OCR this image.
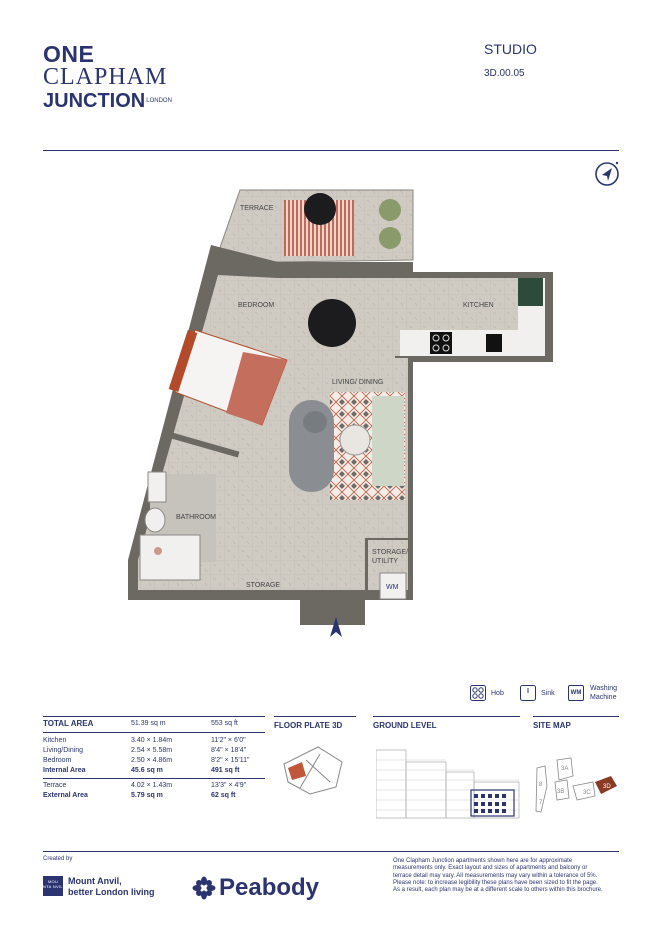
ONE
CLAPHAM
$JUNCTION^{LONDON}$
STUDIO
3D.00.05
WM
TERRACE
BEDROOM	KITCHEN
LIVING/ DINING
BATHROOM
STORAGE
STORAGE/
UTILITY
Hob	Sink	WM
Washing
Machine
TOTAL AREA	51.39 sq m	553 sq ft

Kitchen	3.40 × 1.84m	11'2" × 6'0"
Living/Dining	2.54 × 5.58m	8'4" × 18'4"
Bedroom	2.50 × 4.86m	8'2" × 15'11"
Internal Area	45.6 sq m	491 sq ft

Terrace	4.02 × 1.43m	13'3" × 4'9"
External Area	5.79 sq m	62 sq ft
FLOOR PLATE 3D	GROUND LEVEL	SITE MAP
8
7
3A
3B	3C
3D
Created by
MOU NTA NVIL
Mount Anvil,
better London living	Peabody
One Clapham Junction apartments shown here are for approximate
measurements only. Exact layout and sizes of apartments and balcony or
terrace detail may vary. All measurements may vary within a tolerance of 5%.
Please note: to increase legibility these plans have been sized to fit the page.
As a result, each plan may be at a different scale to others within this brochure.
